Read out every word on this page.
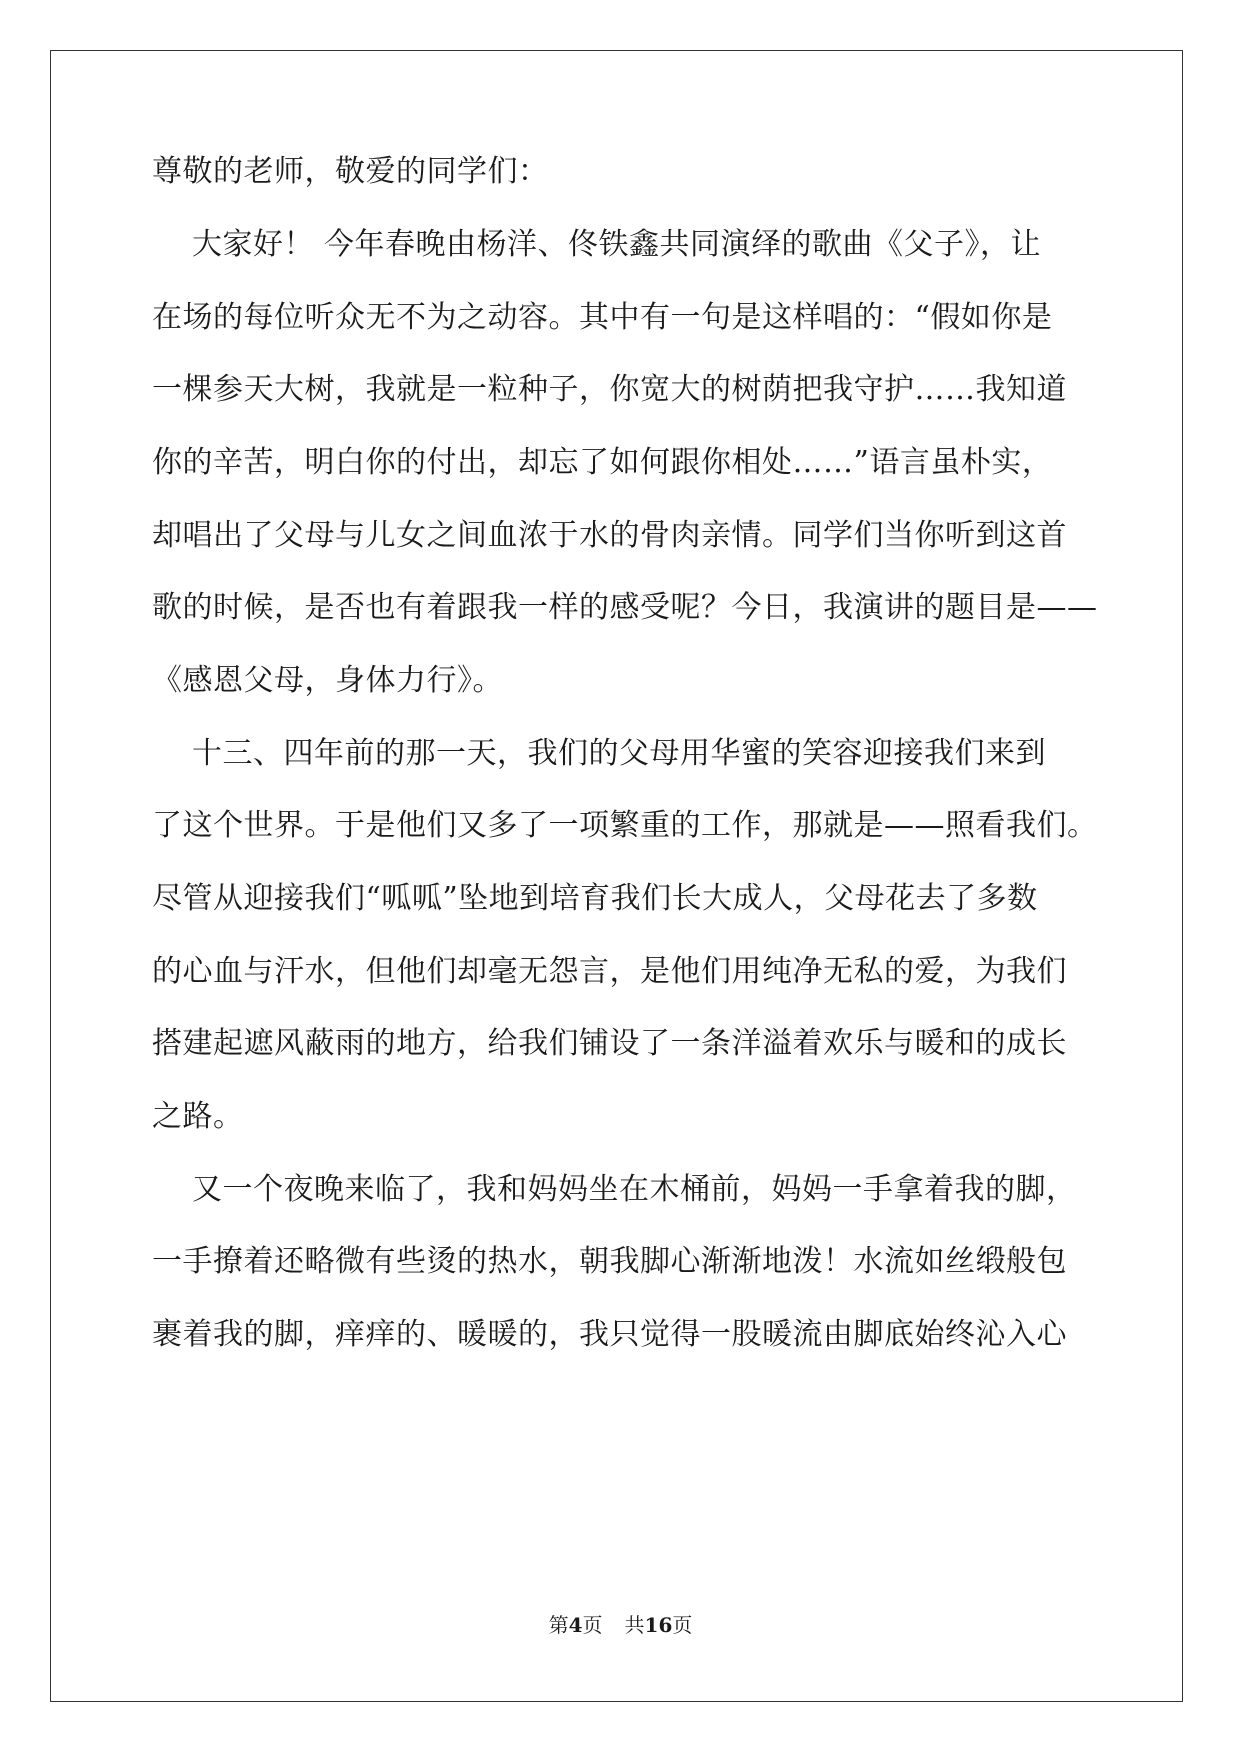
尊敬的老师，敬爱的同学们：
大家好！ 今年春晚由杨洋、佟铁鑫共同演绎的歌曲《父子》，让
在场的每位听众无不为之动容。其中有一句是这样唱的：“假如你是
一棵参天大树，我就是一粒种子，你宽大的树荫把我守护……我知道
你的辛苦，明白你的付出，却忘了如何跟你相处……”语言虽朴实，
却唱出了父母与儿女之间血浓于水的骨肉亲情。同学们当你听到这首
歌的时候，是否也有着跟我一样的感受呢？今日，我演讲的题目是——
《感恩父母，身体力行》。
十三、四年前的那一天，我们的父母用华蜜的笑容迎接我们来到
了这个世界。于是他们又多了一项繁重的工作，那就是——照看我们。
尽管从迎接我们“呱呱”坠地到培育我们长大成人，父母花去了多数
的心血与汗水，但他们却毫无怨言，是他们用纯净无私的爱，为我们
搭建起遮风蔽雨的地方，给我们铺设了一条洋溢着欢乐与暖和的成长
之路。
又一个夜晚来临了，我和妈妈坐在木桶前，妈妈一手拿着我的脚，
一手撩着还略微有些烫的热水，朝我脚心渐渐地泼！水流如丝缎般包
裹着我的脚，痒痒的、暖暖的，我只觉得一股暖流由脚底始终沁入心
第4页 共16页
